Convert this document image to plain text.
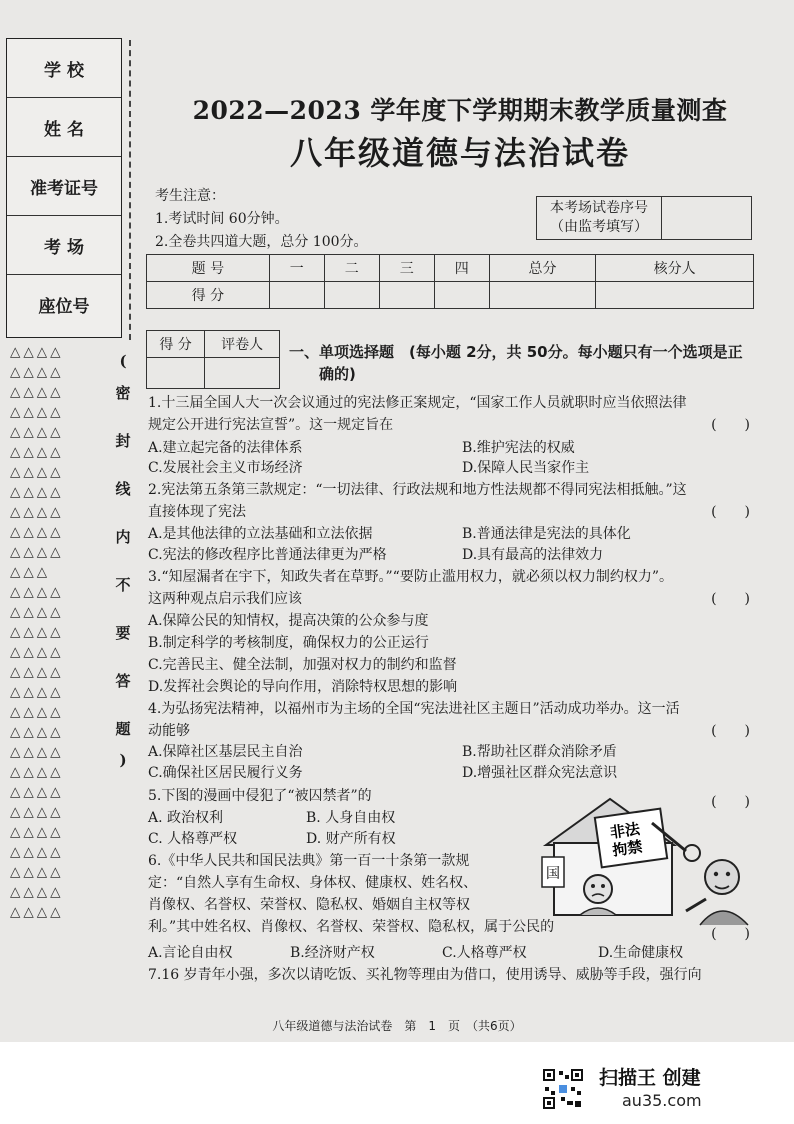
学 校
姓 名
准考证号
考 场
座位号
△△△△
△△△△
△△△△
△△△△
△△△△
△△△△
△△△△
△△△△
△△△△
△△△△
△△△△
△△△
△△△△
△△△△
△△△△
△△△△
△△△△
△△△△
△△△△
△△△△
△△△△
△△△△
△△△△
△△△△
△△△△
△△△△
△△△△
△△△△
△△△△
(
密
封
线
内
不
要
答
题
)
2022—2023 学年度下学期期末教学质量测查
八年级道德与法治试卷
考生注意：
1.考试时间 60分钟。
2.全卷共四道大题，总分 100分。
本考场试卷序号
（由监考填写）
题 号	一	二	三	四	总分	核分人
得 分						
得 分	评卷人
	一、单项选择题　(每小题 2分，共 50分。每小题只有一个选项是正
确的)
1.十三届全国人大一次会议通过的宪法修正案规定，“国家工作人员就职时应当依照法律
规定公开进行宪法宣誓”。这一规定旨在	(　　)
A.建立起完备的法律体系	B.维护宪法的权威
C.发展社会主义市场经济	D.保障人民当家作主
2.宪法第五条第三款规定：“一切法律、行政法规和地方性法规都不得同宪法相抵触。”这
直接体现了宪法	(　　)
A.是其他法律的立法基础和立法依据	B.普通法律是宪法的具体化
C.宪法的修改程序比普通法律更为严格	D.具有最高的法律效力
3.“知屋漏者在宇下，知政失者在草野。”“要防止滥用权力，就必须以权力制约权力”。
这两种观点启示我们应该
A.保障公民的知情权，提高决策的公众参与度
B.制定科学的考核制度，确保权力的公正运行
C.完善民主、健全法制，加强对权力的制约和监督
D.发挥社会舆论的导向作用，消除特权思想的影响
(　　)
4.为弘扬宪法精神，以福州市为主场的全国“宪法进社区主题日”活动成功举办。这一活
动能够	(　　)
A.保障社区基层民主自治	B.帮助社区群众消除矛盾
C.确保社区居民履行义务	D.增强社区群众宪法意识
5.下图的漫画中侵犯了“被囚禁者”的	(　　)
A. 政治权利	B. 人身自由权
C. 人格尊严权	D. 财产所有权
国
非法拘禁
6.《中华人民共和国民法典》第一百一十条第一款规
定：“自然人享有生命权、身体权、健康权、姓名权、
肖像权、名誉权、荣誉权、隐私权、婚姻自主权等权
利。”其中姓名权、肖像权、名誉权、荣誉权、隐私权，属于公民的	(　　)
A.言论自由权	B.经济财产权	C.人格尊严权	D.生命健康权
7.16 岁青年小强，多次以请吃饭、买礼物等理由为借口，使用诱导、威胁等手段，强行向
八年级道德与法治试卷　第　1　页　（共6页）
扫描王 创建
au35.com
